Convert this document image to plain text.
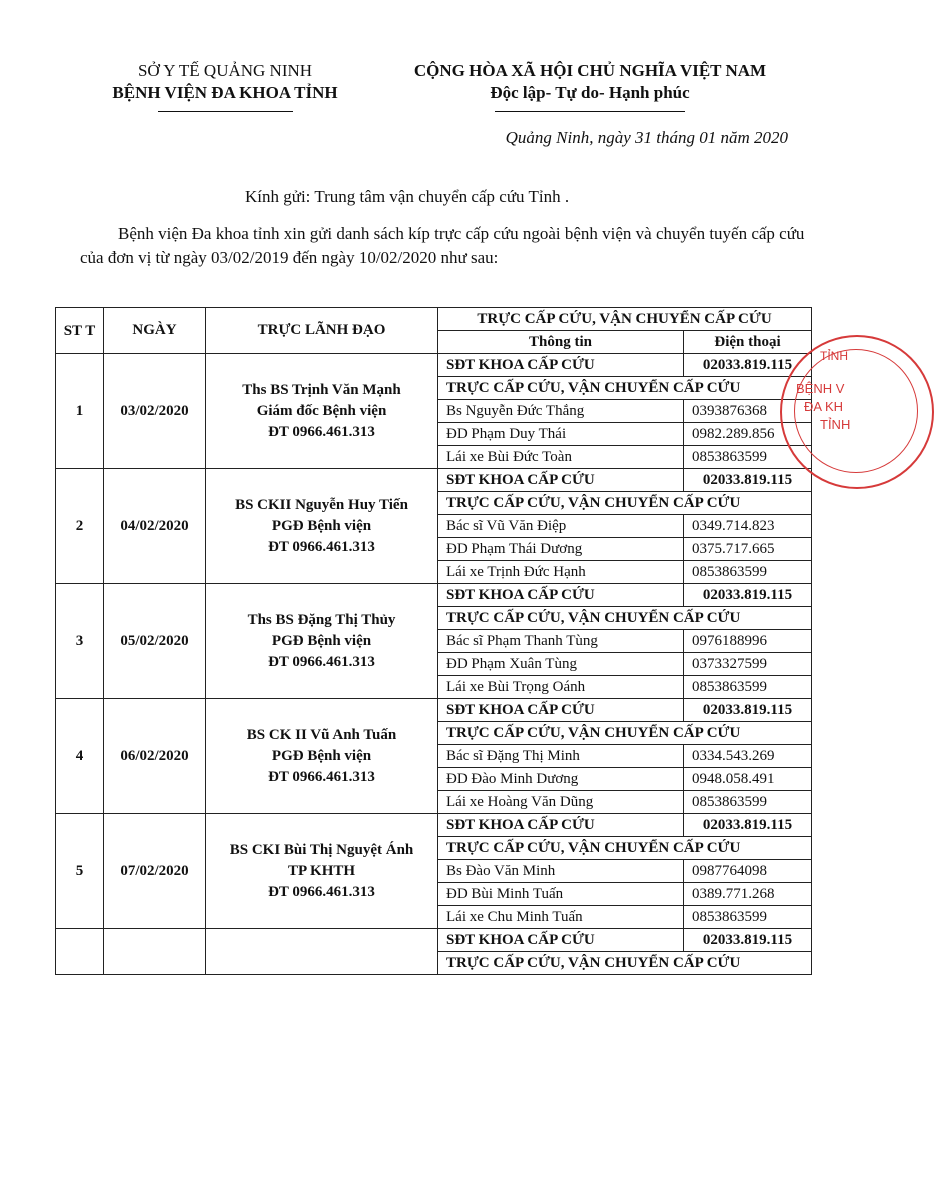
SỞ Y TẾ QUẢNG NINH
BỆNH VIỆN ĐA KHOA TỈNH
CỘNG HÒA XÃ HỘI CHỦ NGHĨA VIỆT NAM
Độc lập- Tự do- Hạnh phúc
Quảng Ninh, ngày 31 tháng 01 năm 2020
Kính gửi: Trung tâm vận chuyển cấp cứu Tỉnh .
Bệnh viện Đa khoa tỉnh xin gửi danh sách kíp trực cấp cứu ngoài bệnh viện và chuyển tuyến cấp cứu của đơn vị từ ngày 03/02/2019 đến ngày 10/02/2020 như sau:
ST T	NGÀY	TRỰC LÃNH ĐẠO	TRỰC CẤP CỨU, VẬN CHUYỂN CẤP CỨU	
			Thông tin	Điện thoại
1	03/02/2020	Ths BS Trịnh Văn Mạnh
Giám đốc Bệnh viện
ĐT 0966.461.313	SĐT KHOA CẤP CỨU	02033.819.115
			TRỰC CẤP CỨU, VẬN CHUYỂN CẤP CỨU	
			Bs Nguyễn Đức Thắng	0393876368
			ĐD Phạm Duy Thái	0982.289.856
			Lái xe Bùi Đức Toàn	0853863599
2	04/02/2020	BS CKII Nguyễn Huy Tiến
PGĐ Bệnh viện
ĐT 0966.461.313	SĐT KHOA CẤP CỨU	02033.819.115
			TRỰC CẤP CỨU, VẬN CHUYỂN CẤP CỨU	
			Bác sĩ Vũ Văn Điệp	0349.714.823
			ĐD Phạm Thái Dương	0375.717.665
			Lái xe Trịnh Đức Hạnh	0853863599
3	05/02/2020	Ths BS Đặng Thị Thủy
PGĐ Bệnh viện
ĐT 0966.461.313	SĐT KHOA CẤP CỨU	02033.819.115
			TRỰC CẤP CỨU, VẬN CHUYỂN CẤP CỨU	
			Bác sĩ Phạm Thanh Tùng	0976188996
			ĐD Phạm Xuân Tùng	0373327599
			Lái xe Bùi Trọng Oánh	0853863599
4	06/02/2020	BS CK II Vũ Anh Tuấn
PGĐ Bệnh viện
ĐT 0966.461.313	SĐT KHOA CẤP CỨU	02033.819.115
			TRỰC CẤP CỨU, VẬN CHUYỂN CẤP CỨU	
			Bác sĩ Đặng Thị Minh	0334.543.269
			ĐD Đào Minh Dương	0948.058.491
			Lái xe Hoàng Văn Dũng	0853863599
5	07/02/2020	BS CKI Bùi Thị Nguyệt Ánh
TP KHTH
ĐT 0966.461.313	SĐT KHOA CẤP CỨU	02033.819.115
			TRỰC CẤP CỨU, VẬN CHUYỂN CẤP CỨU	
			Bs Đào Văn Minh	0987764098
			ĐD Bùi Minh Tuấn	0389.771.268
			Lái xe Chu Minh Tuấn	0853863599
			SĐT KHOA CẤP CỨU	02033.819.115
			TRỰC CẤP CỨU, VẬN CHUYỂN CẤP CỨU	
TỈNH
BỆNH V
ĐA KH
TỈNH
